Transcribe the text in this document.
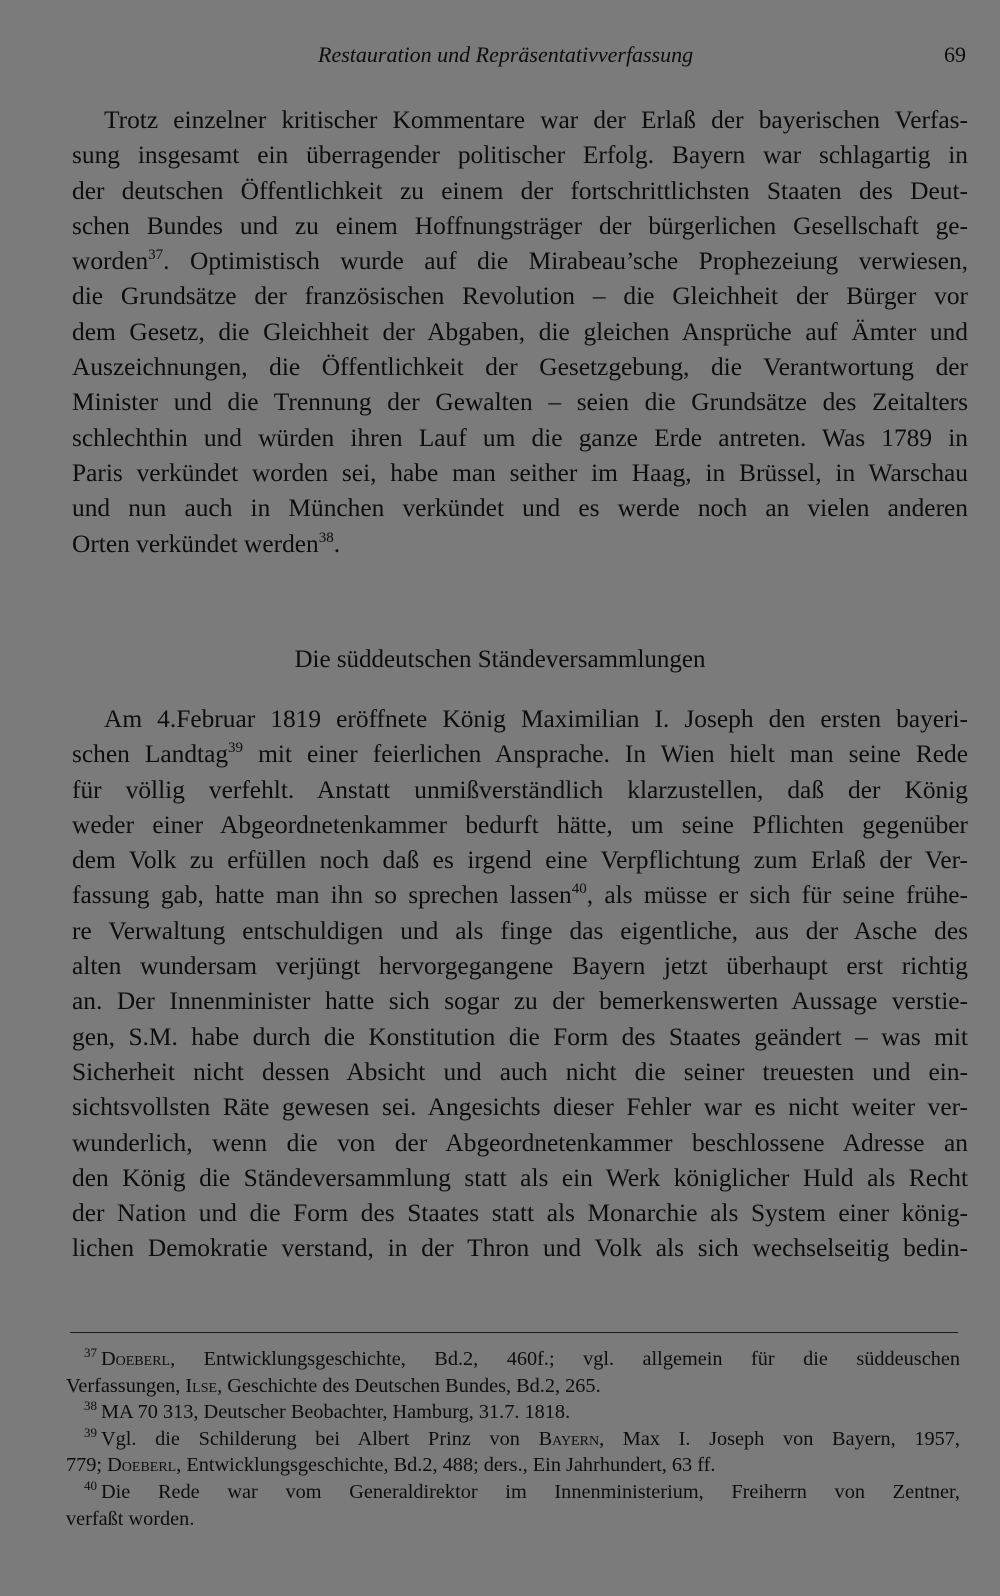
Restauration und Repräsentativverfassung	69

Trotz einzelner kritischer Kommentare war der Erlaß der bayerischen Verfas-
sung insgesamt ein überragender politischer Erfolg. Bayern war schlagartig in
der deutschen Öffentlichkeit zu einem der fortschrittlichsten Staaten des Deut-
schen Bundes und zu einem Hoffnungsträger der bürgerlichen Gesellschaft ge-
worden$^{37}$. Optimistisch wurde auf die Mirabeau’sche Prophezeiung verwiesen,
die Grundsätze der französischen Revolution – die Gleichheit der Bürger vor
dem Gesetz, die Gleichheit der Abgaben, die gleichen Ansprüche auf Ämter und
Auszeichnungen, die Öffentlichkeit der Gesetzgebung, die Verantwortung der
Minister und die Trennung der Gewalten – seien die Grundsätze des Zeitalters
schlechthin und würden ihren Lauf um die ganze Erde antreten. Was 1789 in
Paris verkündet worden sei, habe man seither im Haag, in Brüssel, in Warschau
und nun auch in München verkündet und es werde noch an vielen anderen
Orten verkündet werden$^{38}$.

Die süddeutschen Ständeversammlungen

Am 4.Februar 1819 eröffnete König Maximilian I. Joseph den ersten bayeri-
schen Landtag$^{39}$ mit einer feierlichen Ansprache. In Wien hielt man seine Rede
für völlig verfehlt. Anstatt unmißverständlich klarzustellen, daß der König
weder einer Abgeordnetenkammer bedurft hätte, um seine Pflichten gegenüber
dem Volk zu erfüllen noch daß es irgend eine Verpflichtung zum Erlaß der Ver-
fassung gab, hatte man ihn so sprechen lassen$^{40}$, als müsse er sich für seine frühe-
re Verwaltung entschuldigen und als finge das eigentliche, aus der Asche des
alten wundersam verjüngt hervorgegangene Bayern jetzt überhaupt erst richtig
an. Der Innenminister hatte sich sogar zu der bemerkenswerten Aussage verstie-
gen, S.M. habe durch die Konstitution die Form des Staates geändert – was mit
Sicherheit nicht dessen Absicht und auch nicht die seiner treuesten und ein-
sichtsvollsten Räte gewesen sei. Angesichts dieser Fehler war es nicht weiter ver-
wunderlich, wenn die von der Abgeordnetenkammer beschlossene Adresse an
den König die Ständeversammlung statt als ein Werk königlicher Huld als Recht
der Nation und die Form des Staates statt als Monarchie als System einer könig-
lichen Demokratie verstand, in der Thron und Volk als sich wechselseitig bedin-

$^{37}$ Doeberl, Entwicklungsgeschichte, Bd.2, 460f.; vgl. allgemein für die süddeuschen
Verfassungen, Ilse, Geschichte des Deutschen Bundes, Bd.2, 265.
$^{38}$ MA 70 313, Deutscher Beobachter, Hamburg, 31.7. 1818.
$^{39}$ Vgl. die Schilderung bei Albert Prinz von Bayern, Max I. Joseph von Bayern, 1957,
779; Doeberl, Entwicklungsgeschichte, Bd.2, 488; ders., Ein Jahrhundert, 63 ff.
$^{40}$ Die Rede war vom Generaldirektor im Innenministerium, Freiherrn von Zentner,
verfaßt worden.
